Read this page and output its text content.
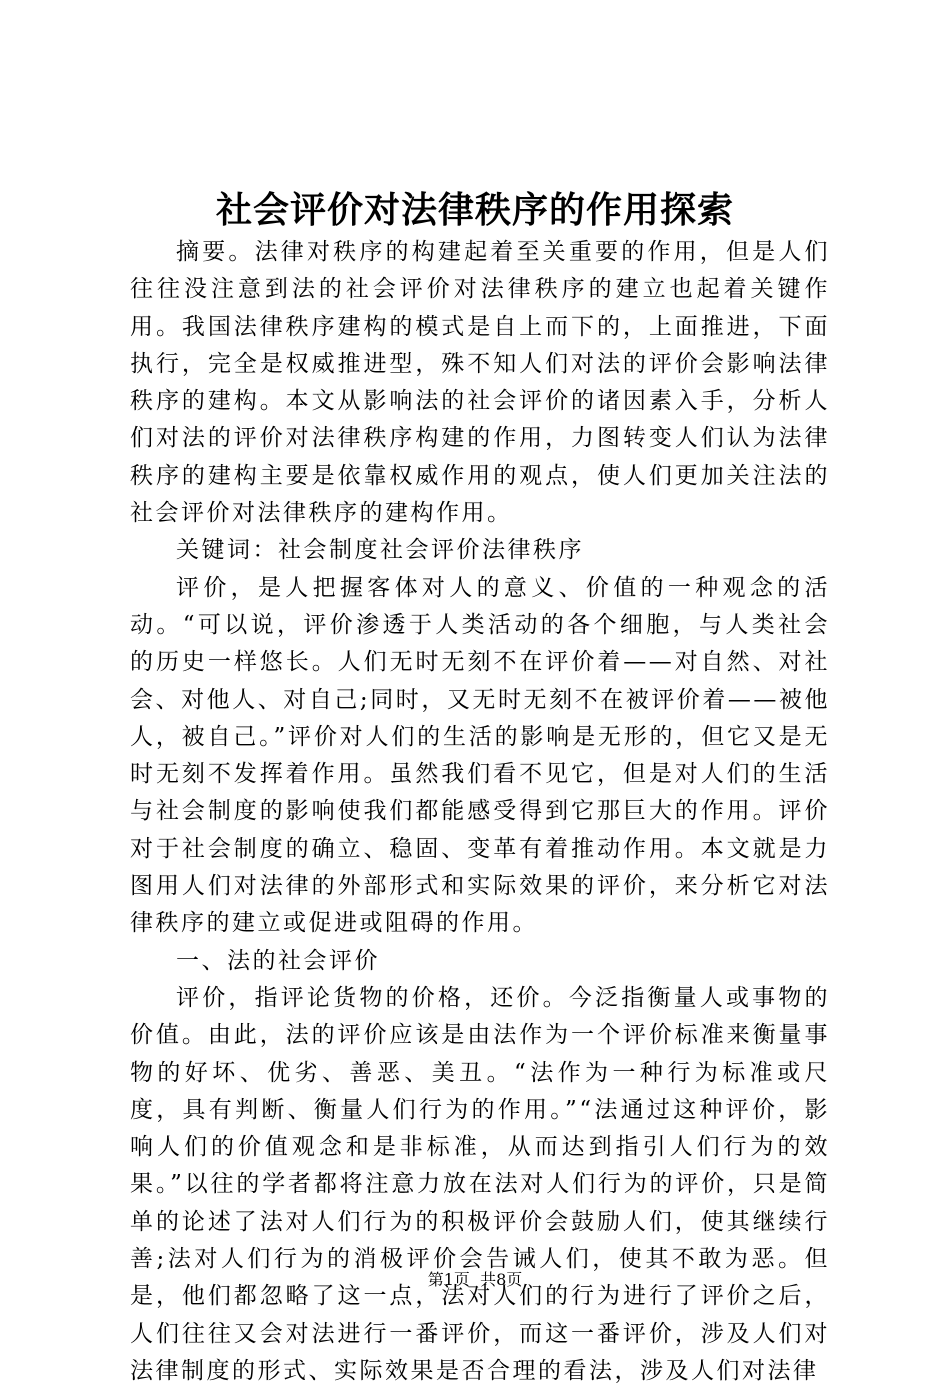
社会评价对法律秩序的作用探索

摘要。法律对秩序的构建起着至关重要的作用，但是人们往往没注意到法的社会评价对法律秩序的建立也起着关键作用。我国法律秩序建构的模式是自上而下的，上面推进，下面执行，完全是权威推进型，殊不知人们对法的评价会影响法律秩序的建构。本文从影响法的社会评价的诸因素入手，分析人们对法的评价对法律秩序构建的作用，力图转变人们认为法律秩序的建构主要是依靠权威作用的观点，使人们更加关注法的社会评价对法律秩序的建构作用。

关键词：社会制度社会评价法律秩序

评价，是人把握客体对人的意义、价值的一种观念的活动。“可以说，评价渗透于人类活动的各个细胞，与人类社会的历史一样悠长。人们无时无刻不在评价着——对自然、对社会、对他人、对自己;同时，又无时无刻不在被评价着——被他人，被自己。”评价对人们的生活的影响是无形的，但它又是无时无刻不发挥着作用。虽然我们看不见它，但是对人们的生活与社会制度的影响使我们都能感受得到它那巨大的作用。评价对于社会制度的确立、稳固、变革有着推动作用。本文就是力图用人们对法律的外部形式和实际效果的评价，来分析它对法律秩序的建立或促进或阻碍的作用。

一、法的社会评价

评价，指评论货物的价格，还价。今泛指衡量人或事物的价值。由此，法的评价应该是由法作为一个评价标准来衡量事物的好坏、优劣、善恶、美丑。“法作为一种行为标准或尺度，具有判断、衡量人们行为的作用。”“法通过这种评价，影响人们的价值观念和是非标准，从而达到指引人们行为的效果。”以往的学者都将注意力放在法对人们行为的评价，只是简单的论述了法对人们行为的积极评价会鼓励人们，使其继续行善;法对人们行为的消极评价会告诫人们，使其不敢为恶。但是，他们都忽略了这一点，法对人们的行为进行了评价之后，人们往往又会对法进行一番评价，而这一番评价，涉及人们对法律制度的形式、实际效果是否合理的看法，涉及人们对法律

第1页  共8页
